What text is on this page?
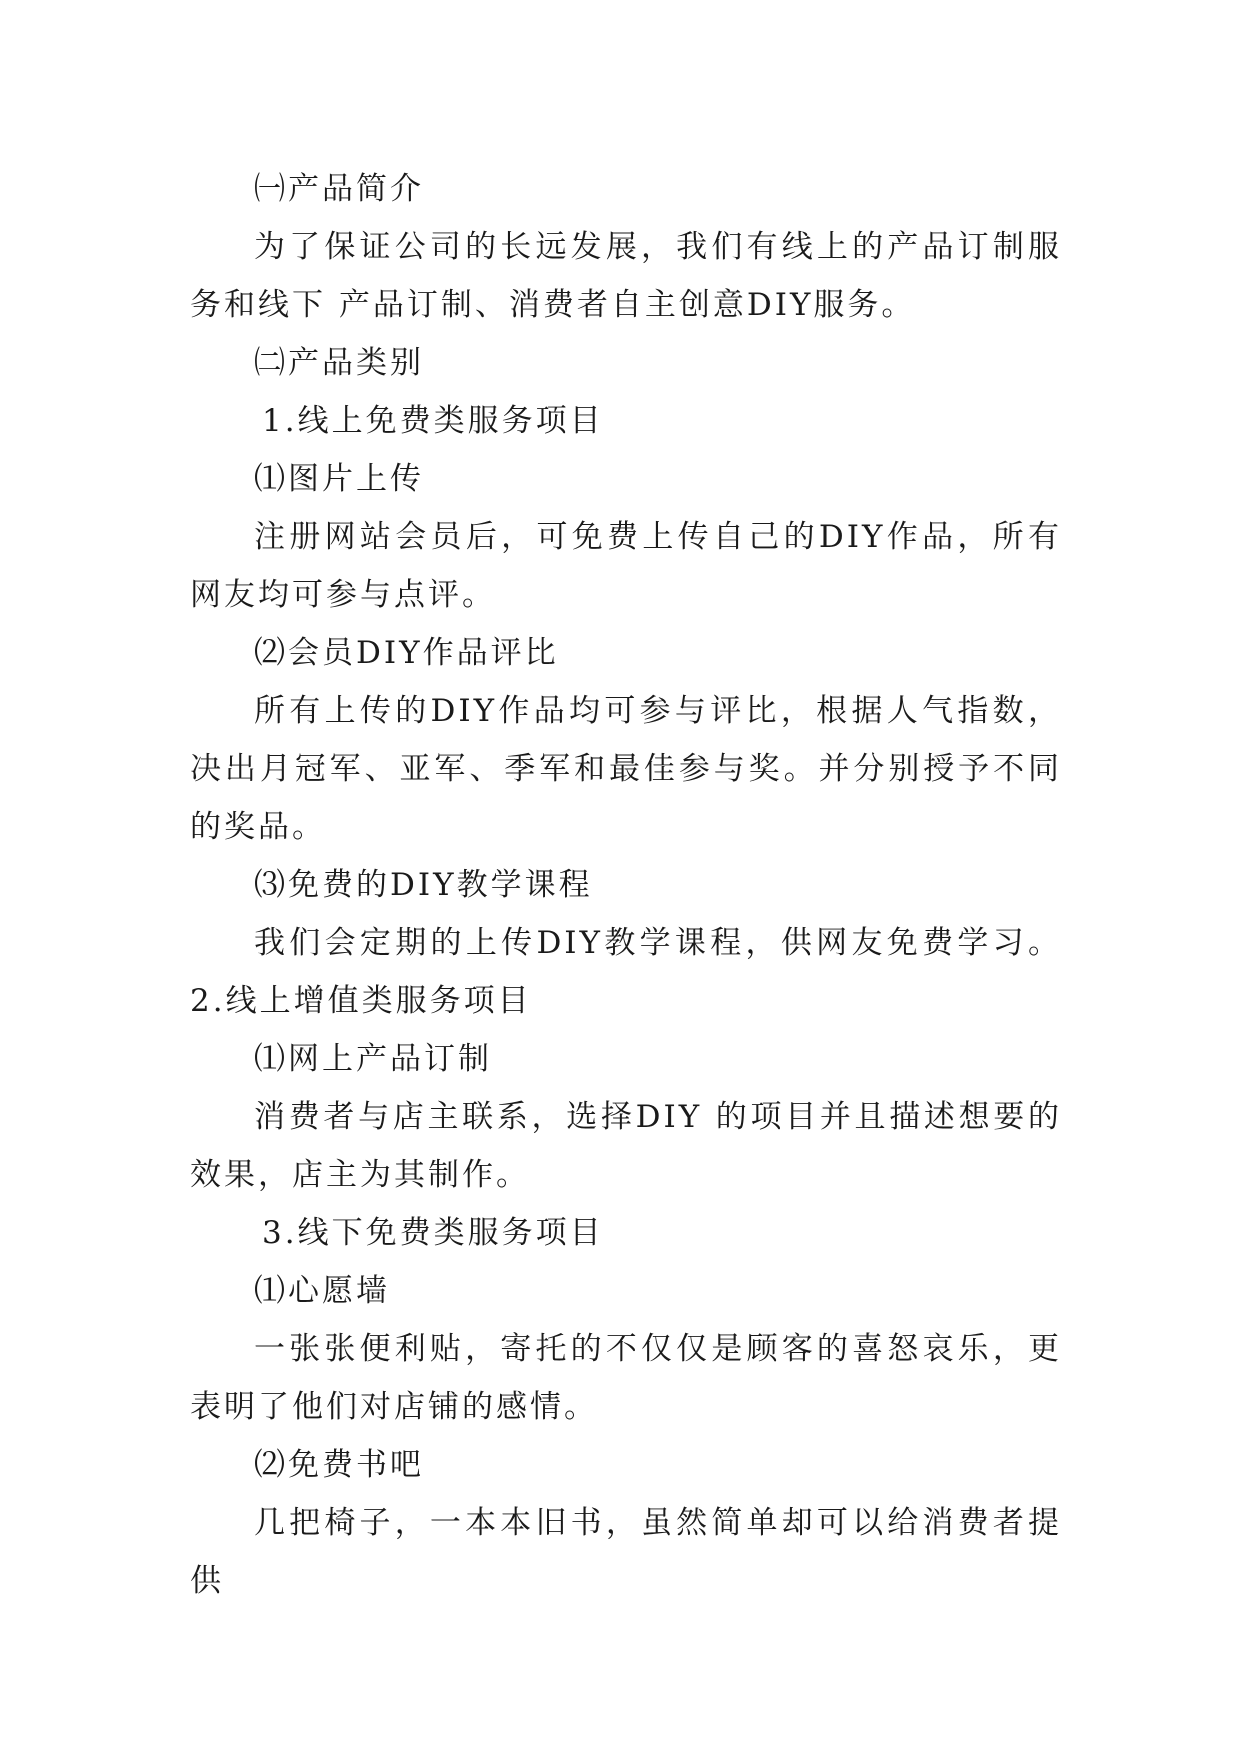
㈠产品简介

为了保证公司的长远发展，我们有线上的产品订制服务和线下 产品订制、消费者自主创意DIY服务。

㈡产品类别

1.线上免费类服务项目

⑴图片上传

注册网站会员后，可免费上传自己的DIY作品，所有网友均可参与点评。

⑵会员DIY作品评比

所有上传的DIY作品均可参与评比，根据人气指数，决出月冠军、亚军、季军和最佳参与奖。并分别授予不同的奖品。

⑶免费的DIY教学课程

我们会定期的上传DIY教学课程，供网友免费学习。 2.线上增值类服务项目

⑴网上产品订制

消费者与店主联系，选择DIY 的项目并且描述想要的效果，店主为其制作。

3.线下免费类服务项目

⑴心愿墙

一张张便利贴，寄托的不仅仅是顾客的喜怒哀乐，更表明了他们对店铺的感情。

⑵免费书吧

几把椅子，一本本旧书，虽然简单却可以给消费者提供
